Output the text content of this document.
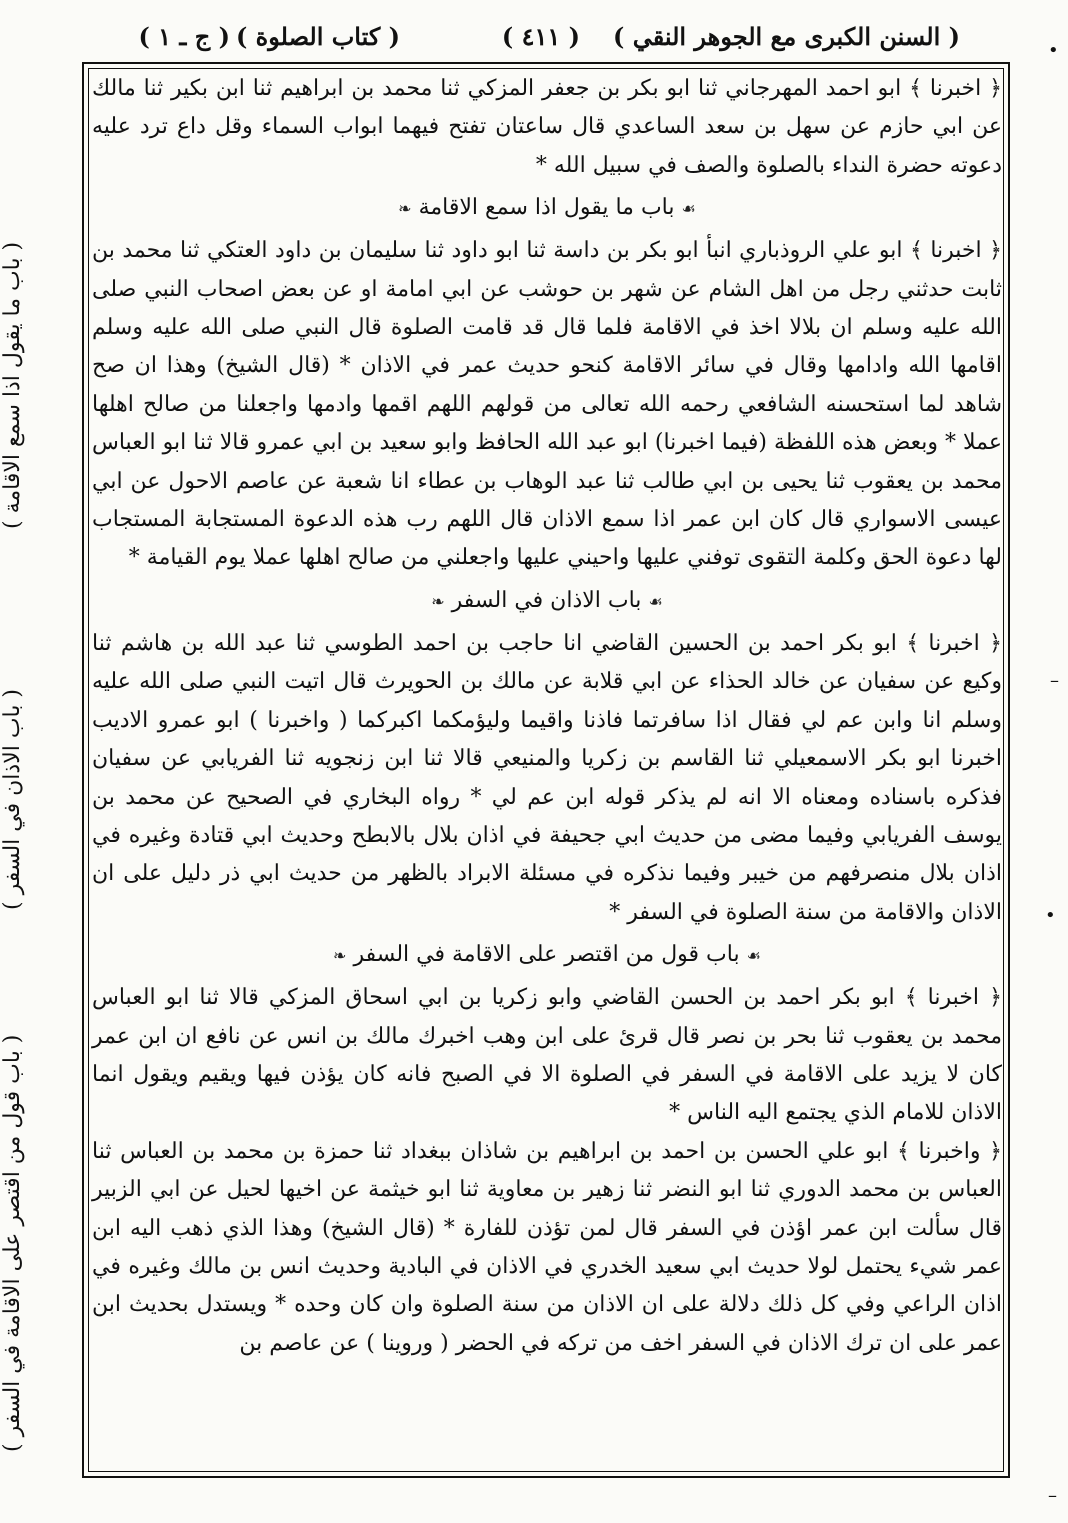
( السنن الكبرى مع الجوهر النقي )
( ٤١١ )
( كتاب الصلوة )
( ج ـ ١ )

﴿ اخبرنا ﴾ ابو احمد المهرجاني ثنا ابو بكر بن جعفر المزكي ثنا محمد بن ابراهيم ثنا ابن بكير ثنا مالك عن ابي حازم عن سهل بن سعد الساعدي قال ساعتان تفتح فيهما ابواب السماء وقل داع ترد عليه دعوته حضرة النداء بالصلوة والصف في سبيل الله *

☙ باب ما يقول اذا سمع الاقامة ❧

﴿ اخبرنا ﴾ ابو علي الروذباري انبأ ابو بكر بن داسة ثنا ابو داود ثنا سليمان بن داود العتكي ثنا محمد بن ثابت حدثني رجل من اهل الشام عن شهر بن حوشب عن ابي امامة او عن بعض اصحاب النبي صلى الله عليه وسلم ان بلالا اخذ في الاقامة فلما قال قد قامت الصلوة قال النبي صلى الله عليه وسلم اقامها الله وادامها وقال في سائر الاقامة كنحو حديث عمر في الاذان * (قال الشيخ) وهذا ان صح شاهد لما استحسنه الشافعي رحمه الله تعالى من قولهم اللهم اقمها وادمها واجعلنا من صالح اهلها عملا * وبعض هذه اللفظة (فيما اخبرنا) ابو عبد الله الحافظ وابو سعيد بن ابي عمرو قالا ثنا ابو العباس محمد بن يعقوب ثنا يحيى بن ابي طالب ثنا عبد الوهاب بن عطاء انا شعبة عن عاصم الاحول عن ابي عيسى الاسواري قال كان ابن عمر اذا سمع الاذان قال اللهم رب هذه الدعوة المستجابة المستجاب لها دعوة الحق وكلمة التقوى توفني عليها واحيني عليها واجعلني من صالح اهلها عملا يوم القيامة *

☙ باب الاذان في السفر ❧

﴿ اخبرنا ﴾ ابو بكر احمد بن الحسين القاضي انا حاجب بن احمد الطوسي ثنا عبد الله بن هاشم ثنا وكيع عن سفيان عن خالد الحذاء عن ابي قلابة عن مالك بن الحويرث قال اتيت النبي صلى الله عليه وسلم انا وابن عم لي فقال اذا سافرتما فاذنا واقيما وليؤمكما اكبركما ( واخبرنا ) ابو عمرو الاديب اخبرنا ابو بكر الاسمعيلي ثنا القاسم بن زكريا والمنيعي قالا ثنا ابن زنجويه ثنا الفريابي عن سفيان فذكره باسناده ومعناه الا انه لم يذكر قوله ابن عم لي * رواه البخاري في الصحيح عن محمد بن يوسف الفريابي وفيما مضى من حديث ابي جحيفة في اذان بلال بالابطح وحديث ابي قتادة وغيره في اذان بلال منصرفهم من خيبر وفيما نذكره في مسئلة الابراد بالظهر من حديث ابي ذر دليل على ان الاذان والاقامة من سنة الصلوة في السفر *

☙ باب قول من اقتصر على الاقامة في السفر ❧

﴿ اخبرنا ﴾ ابو بكر احمد بن الحسن القاضي وابو زكريا بن ابي اسحاق المزكي قالا ثنا ابو العباس محمد بن يعقوب ثنا بحر بن نصر قال قرئ على ابن وهب اخبرك مالك بن انس عن نافع ان ابن عمر كان لا يزيد على الاقامة في السفر في الصلوة الا في الصبح فانه كان يؤذن فيها ويقيم ويقول انما الاذان للامام الذي يجتمع اليه الناس *

﴿ واخبرنا ﴾ ابو علي الحسن بن احمد بن ابراهيم بن شاذان ببغداد ثنا حمزة بن محمد بن العباس ثنا العباس بن محمد الدوري ثنا ابو النضر ثنا زهير بن معاوية ثنا ابو خيثمة عن اخيها لحيل عن ابي الزبير قال سألت ابن عمر اؤذن في السفر قال لمن تؤذن للفارة * (قال الشيخ) وهذا الذي ذهب اليه ابن عمر شيء يحتمل لولا حديث ابي سعيد الخدري في الاذان في البادية وحديث انس بن مالك وغيره في اذان الراعي وفي كل ذلك دلالة على ان الاذان من سنة الصلوة وان كان وحده * ويستدل بحديث ابن عمر على ان ترك الاذان في السفر اخف من تركه في الحضر ( وروينا ) عن عاصم بن

( باب ما يقول اذا سمع الاقامة )
( باب الاذان في السفر )
( باب قول من اقتصر على الاقامة في السفر )
•
–
•
–
